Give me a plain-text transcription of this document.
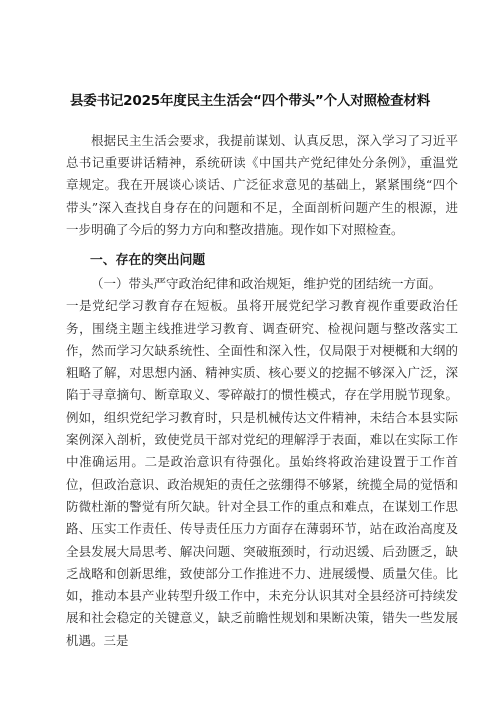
县委书记2025年度民主生活会“四个带头”个人对照检查材料
根据民主生活会要求，我提前谋划、认真反思，深入学习了习近平总书记重要讲话精神，系统研读《中国共产党纪律处分条例》，重温党章规定。我在开展谈心谈话、广泛征求意见的基础上，紧紧围绕“四个带头”深入查找自身存在的问题和不足，全面剖析问题产生的根源，进一步明确了今后的努力方向和整改措施。现作如下对照检查。
一、存在的突出问题
（一）带头严守政治纪律和政治规矩，维护党的团结统一方面。
一是党纪学习教育存在短板。虽将开展党纪学习教育视作重要政治任务，围绕主题主线推进学习教育、调查研究、检视问题与整改落实工作，然而学习欠缺系统性、全面性和深入性，仅局限于对梗概和大纲的粗略了解，对思想内涵、精神实质、核心要义的挖掘不够深入广泛，深陷于寻章摘句、断章取义、零碎敲打的惯性模式，存在学用脱节现象。例如，组织党纪学习教育时，只是机械传达文件精神，未结合本县实际案例深入剖析，致使党员干部对党纪的理解浮于表面，难以在实际工作中准确运用。二是政治意识有待强化。虽始终将政治建设置于工作首位，但政治意识、政治规矩的责任之弦绷得不够紧，统揽全局的觉悟和防微杜渐的警觉有所欠缺。针对全县工作的重点和难点，在谋划工作思路、压实工作责任、传导责任压力方面存在薄弱环节，站在政治高度及全县发展大局思考、解决问题、突破瓶颈时，行动迟缓、后劲匮乏，缺乏战略和创新思维，致使部分工作推进不力、进展缓慢、质量欠佳。比如，推动本县产业转型升级工作中，未充分认识其对全县经济可持续发展和社会稳定的关键意义，缺乏前瞻性规划和果断决策，错失一些发展机遇。三是
